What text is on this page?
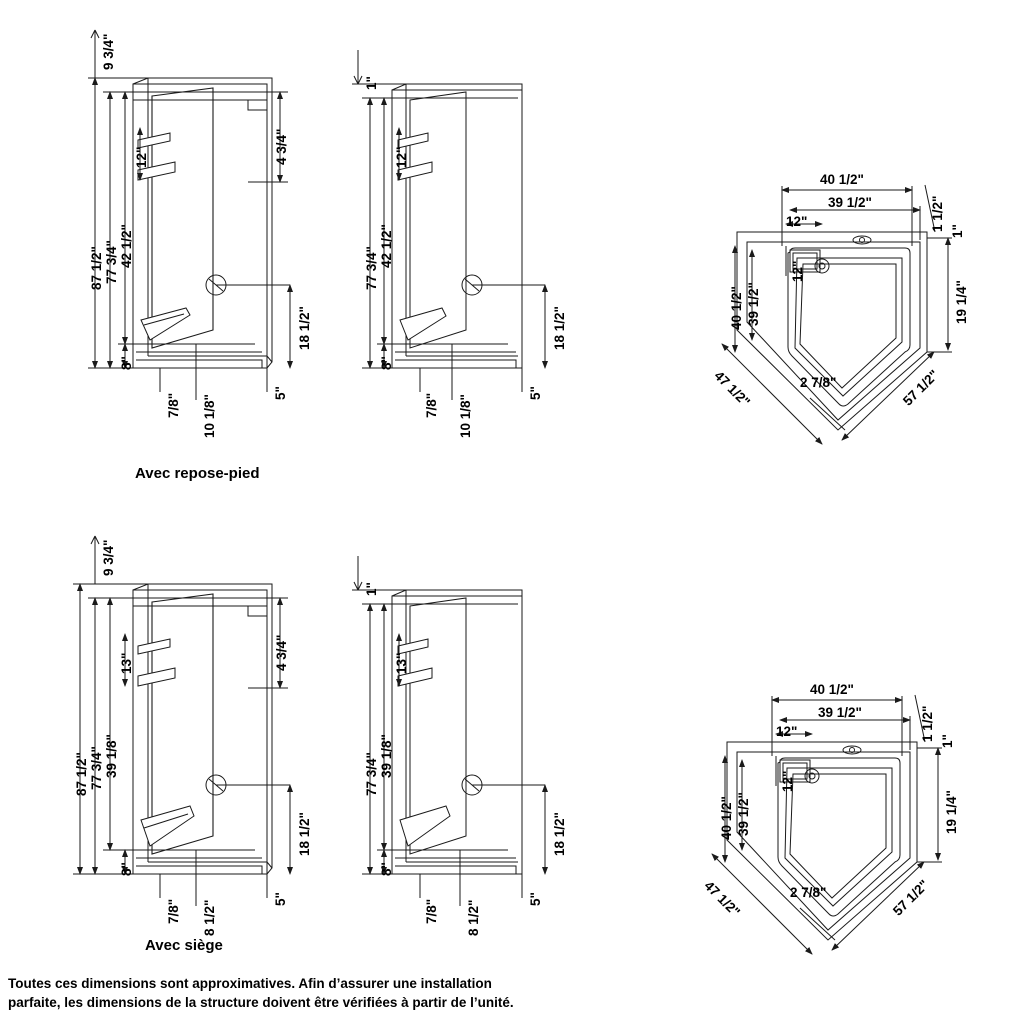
9 3/4"
87 1/2" 77 3/4" 42 1/2"
12"
8"
4 3/4"
18 1/2"
7/8" 10 1/8"
5"
1"
77 3/4"
42 1/2"
12"
8"
18 1/2"
7/8" 10 1/8"
5"
40 1/2"
39 1/2"	1 1/2" 1"
12"
12"
40 1/2" 39 1/2"	19 1/4"
47 1/2"	57 1/2"
2 7/8"
9 3/4"
87 1/2" 77 3/4" 39 1/8"
13"
8"
4 3/4"
18 1/2"
7/8" 8 1/2"
5"
1"
77 3/4" 39 1/8"
13"
8"
18 1/2"
7/8" 8 1/2"
5"
40 1/2"
39 1/2"	1 1/2" 1"
12"
12"
40 1/2" 39 1/2"	19 1/4"
47 1/2"	57 1/2"
2 7/8"
Avec repose-pied
Avec siège
Toutes ces dimensions sont approximatives. Afin d’assurer une installation
parfaite, les dimensions de la structure doivent être vérifiées à partir de l’unité.
